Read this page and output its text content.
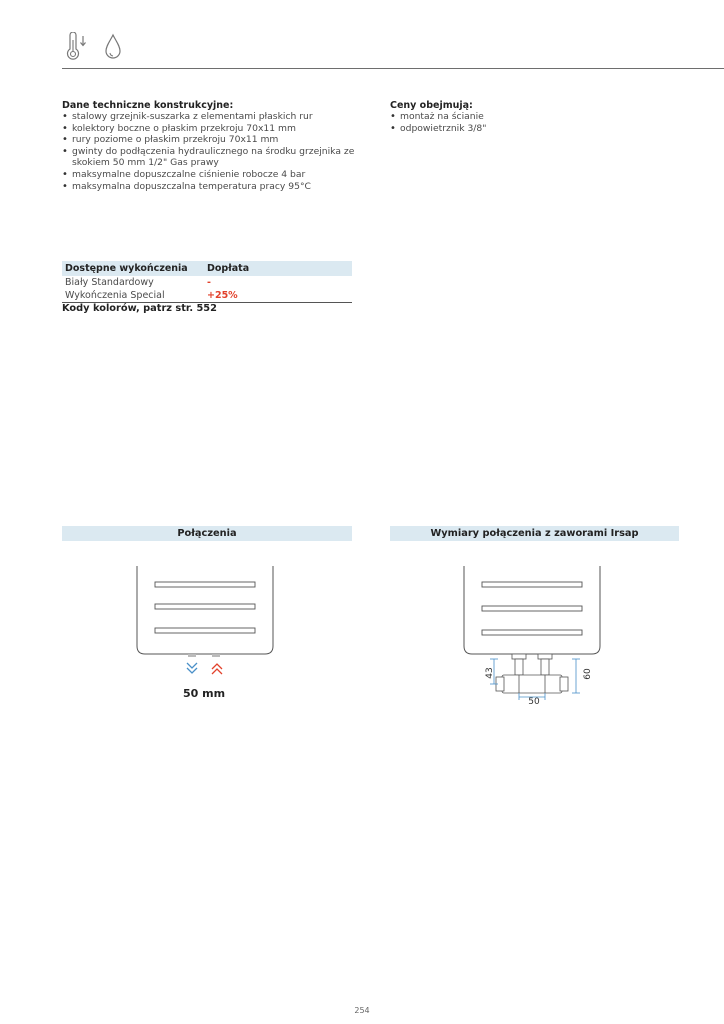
Dane techniczne konstrukcyjne:
• stalowy grzejnik-suszarka z elementami płaskich rur
• kolektory boczne o płaskim przekroju 70x11 mm
• rury poziome o płaskim przekroju 70x11 mm
• gwinty do podłączenia hydraulicznego na środku grzejnika ze skokiem 50 mm 1/2" Gas prawy
• maksymalne dopuszczalne ciśnienie robocze 4 bar
• maksymalna dopuszczalna temperatura pracy 95°C
Ceny obejmują:
• montaż na ścianie
• odpowietrznik 3/8"
Dostępne wykończenia	Dopłata
Biały Standardowy	-
Wykończenia Special	+25%
Kody kolorów, patrz str. 552
Połączenia	Wymiary połączenia z zaworami Irsap
50 mm
43	60
50
254
